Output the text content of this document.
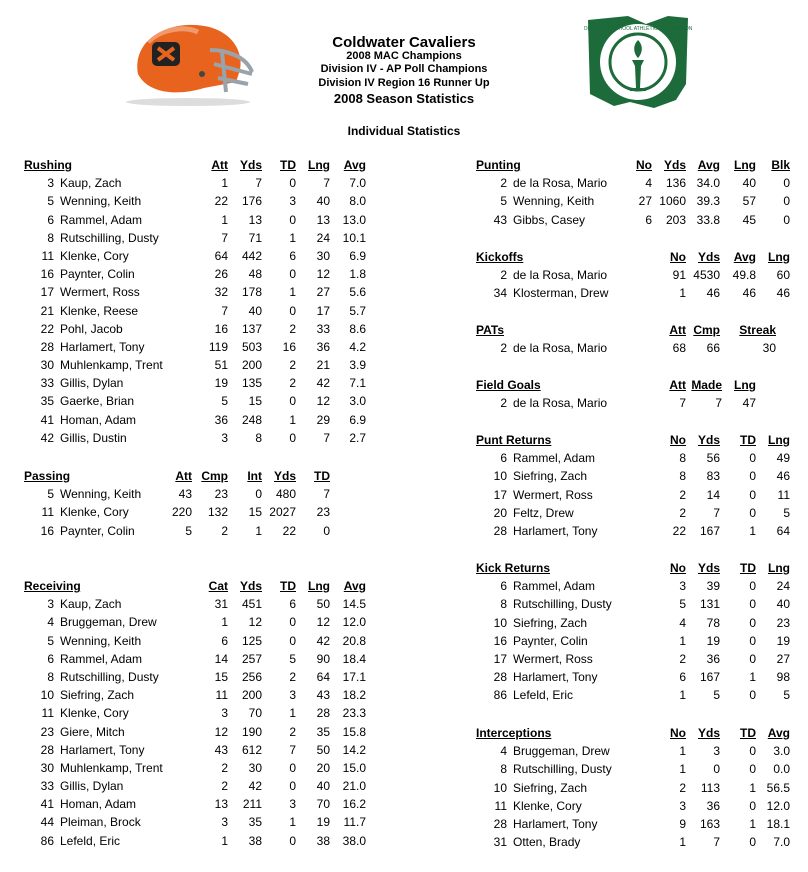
OHIO HIGH SCHOOL ATHLETIC ASSOCIATION
Coldwater Cavaliers
2008 MAC Champions
Division IV - AP Poll Champions
Division IV Region 16 Runner Up
2008 Season Statistics
Individual Statistics
Rushing	Att Yds TD Lng Avg
3 Kaup, Zach	1 7 0 7 7.0
5 Wenning, Keith	22 176 3 40 8.0
6 Rammel, Adam	1 13 0 13 13.0
8 Rutschilling, Dusty	7 71 1 24 10.1
11 Klenke, Cory	64 442 6 30 6.9
16 Paynter, Colin	26 48 0 12 1.8
17 Wermert, Ross	32 178 1 27 5.6
21 Klenke, Reese	7 40 0 17 5.7
22 Pohl, Jacob	16 137 2 33 8.6
28 Harlamert, Tony	119 503 16 36 4.2
30 Muhlenkamp, Trent	51 200 2 21 3.9
33 Gillis, Dylan	19 135 2 42 7.1
35 Gaerke, Brian	5 15 0 12 3.0
41 Homan, Adam	36 248 1 29 6.9
42 Gillis, Dustin	3 8 0 7 2.7
Passing	Att Cmp Int Yds TD
5 Wenning, Keith	43 23 0 480 7
11 Klenke, Cory	220 132 15 2027 23
16 Paynter, Colin	5 2 1 22 0
Receiving	Cat Yds TD Lng Avg
3 Kaup, Zach	31 451 6 50 14.5
4 Bruggeman, Drew	1 12 0 12 12.0
5 Wenning, Keith	6 125 0 42 20.8
6 Rammel, Adam	14 257 5 90 18.4
8 Rutschilling, Dusty	15 256 2 64 17.1
10 Siefring, Zach	11 200 3 43 18.2
11 Klenke, Cory	3 70 1 28 23.3
23 Giere, Mitch	12 190 2 35 15.8
28 Harlamert, Tony	43 612 7 50 14.2
30 Muhlenkamp, Trent	2 30 0 20 15.0
33 Gillis, Dylan	2 42 0 40 21.0
41 Homan, Adam	13 211 3 70 16.2
44 Pleiman, Brock	3 35 1 19 11.7
86 Lefeld, Eric	1 38 0 38 38.0
Punting	No Yds Avg Lng Blk
2 de la Rosa, Mario	4 136 34.0 40 0
5 Wenning, Keith	27 1060 39.3 57 0
43 Gibbs, Casey	6 203 33.8 45 0
Kickoffs	No Yds Avg Lng
2 de la Rosa, Mario	91 4530 49.8 60
34 Klosterman, Drew	1 46 46 46
PATs	Att Cmp Streak
2 de la Rosa, Mario	68 66	30
Field Goals	Att Made Lng
2 de la Rosa, Mario	7 7 47
Punt Returns	No Yds TD Lng
6 Rammel, Adam	8 56 0 49
10 Siefring, Zach	8 83 0 46
17 Wermert, Ross	2 14 0 11
20 Feltz, Drew	2 7 0 5
28 Harlamert, Tony	22 167 1 64
Kick Returns	No Yds TD Lng
6 Rammel, Adam	3 39 0 24
8 Rutschilling, Dusty	5 131 0 40
10 Siefring, Zach	4 78 0 23
16 Paynter, Colin	1 19 0 19
17 Wermert, Ross	2 36 0 27
28 Harlamert, Tony	6 167 1 98
86 Lefeld, Eric	1 5 0 5
Interceptions	No Yds TD Avg
4 Bruggeman, Drew	1 3 0 3.0
8 Rutschilling, Dusty	1 0 0 0.0
10 Siefring, Zach	2 113 1 56.5
11 Klenke, Cory	3 36 0 12.0
28 Harlamert, Tony	9 163 1 18.1
31 Otten, Brady	1 7 0 7.0
